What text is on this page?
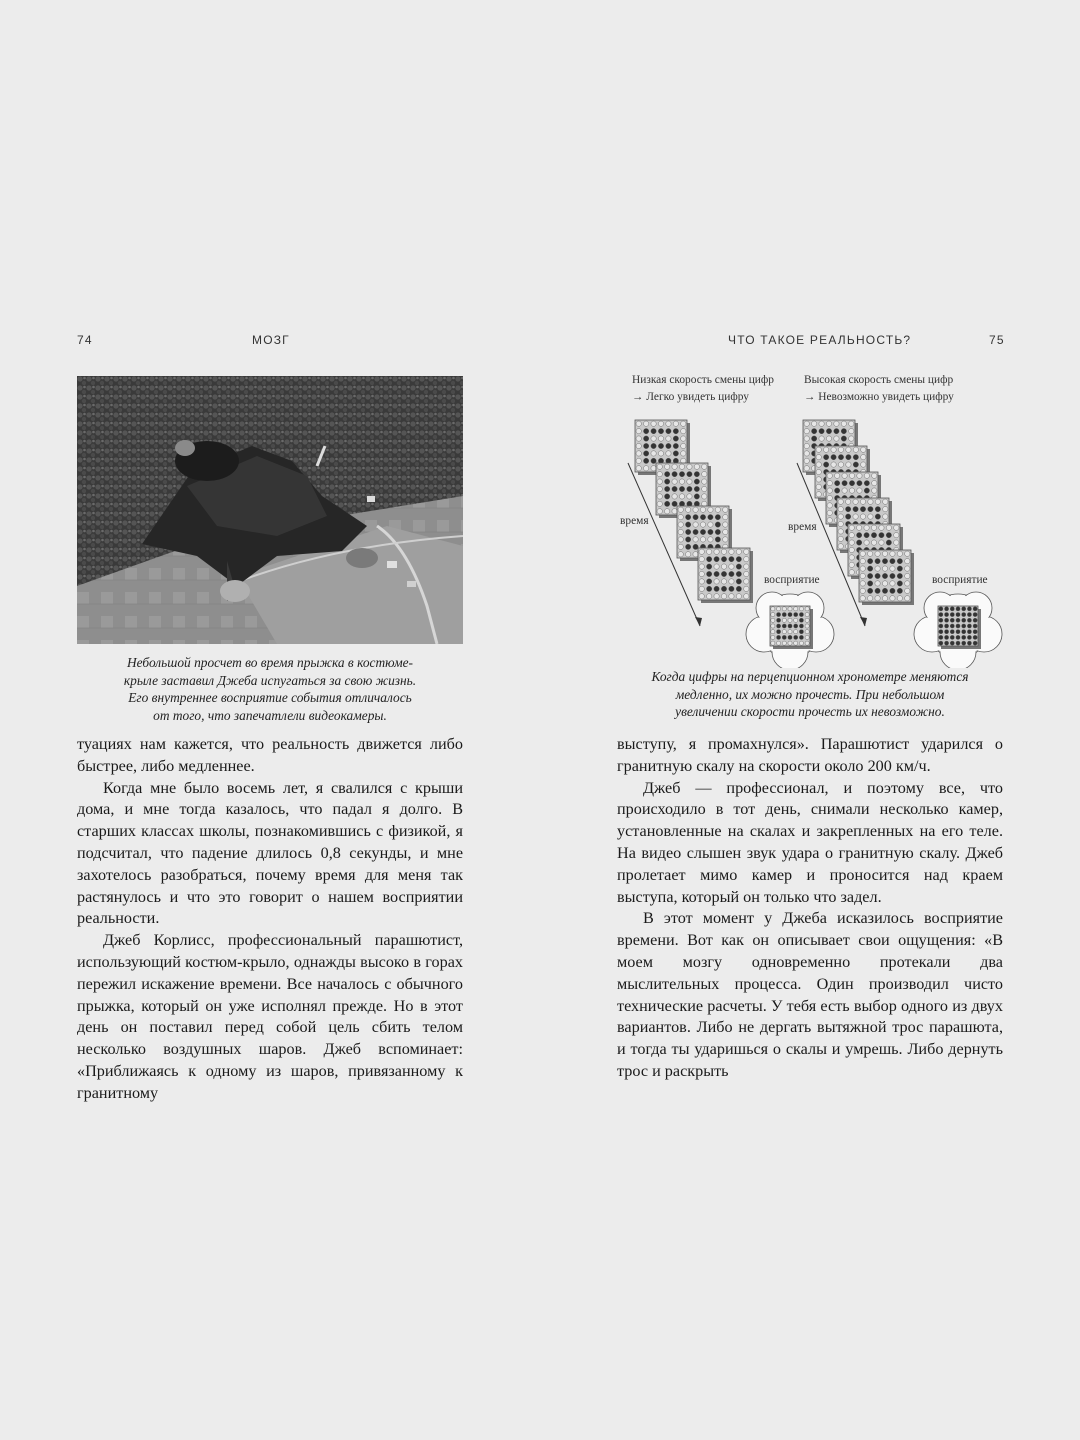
74	МОЗГ
Небольшой просчет во время прыжка в костюме-
крыле заставил Джеба испугаться за свою жизнь.
Его внутреннее восприятие события отличалось
от того, что запечатлели видеокамеры.

туациях нам кажется, что реальность движется либо быстрее, либо медленнее.

Когда мне было восемь лет, я свалился с крыши дома, и мне тогда казалось, что падал я долго. В старших классах школы, познакомившись с физикой, я подсчитал, что падение длилось 0,8 секунды, и мне захотелось разобраться, почему время для меня так растянулось и что это говорит о нашем восприятии реальности.

Джеб Корлисс, профессиональный парашютист, использующий костюм-крыло, однажды высоко в горах пережил искажение времени. Все началось с обычного прыжка, который он уже исполнял прежде. Но в этот день он поставил перед собой цель сбить телом несколько воздушных шаров. Джеб вспоминает: «Приближаясь к одному из шаров, привязанному к гранитному

ЧТО ТАКОЕ РЕАЛЬНОСТЬ?	75
Низкая скорость смены цифр
→ Легко увидеть цифру
Высокая скорость смены цифр
→ Невозможно увидеть цифру
время	время
восприятие	восприятие
Когда цифры на перцепционном хронометре меняются
медленно, их можно прочесть. При небольшом
увеличении скорости прочесть их невозможно.

выступу, я промахнулся». Парашютист ударился о гранитную скалу на скорости около 200 км/ч.

Джеб — профессионал, и поэтому все, что происходило в тот день, снимали несколько камер, установленные на скалах и закрепленных на его теле. На видео слышен звук удара о гранитную скалу. Джеб пролетает мимо камер и проносится над краем выступа, который он только что задел.

В этот момент у Джеба исказилось восприятие времени. Вот как он описывает свои ощущения: «В моем мозгу одновременно протекали два мыслительных процесса. Один производил чисто технические расчеты. У тебя есть выбор одного из двух вариантов. Либо не дергать вытяжной трос парашюта, и тогда ты ударишься о скалы и умрешь. Либо дернуть трос и раскрыть
